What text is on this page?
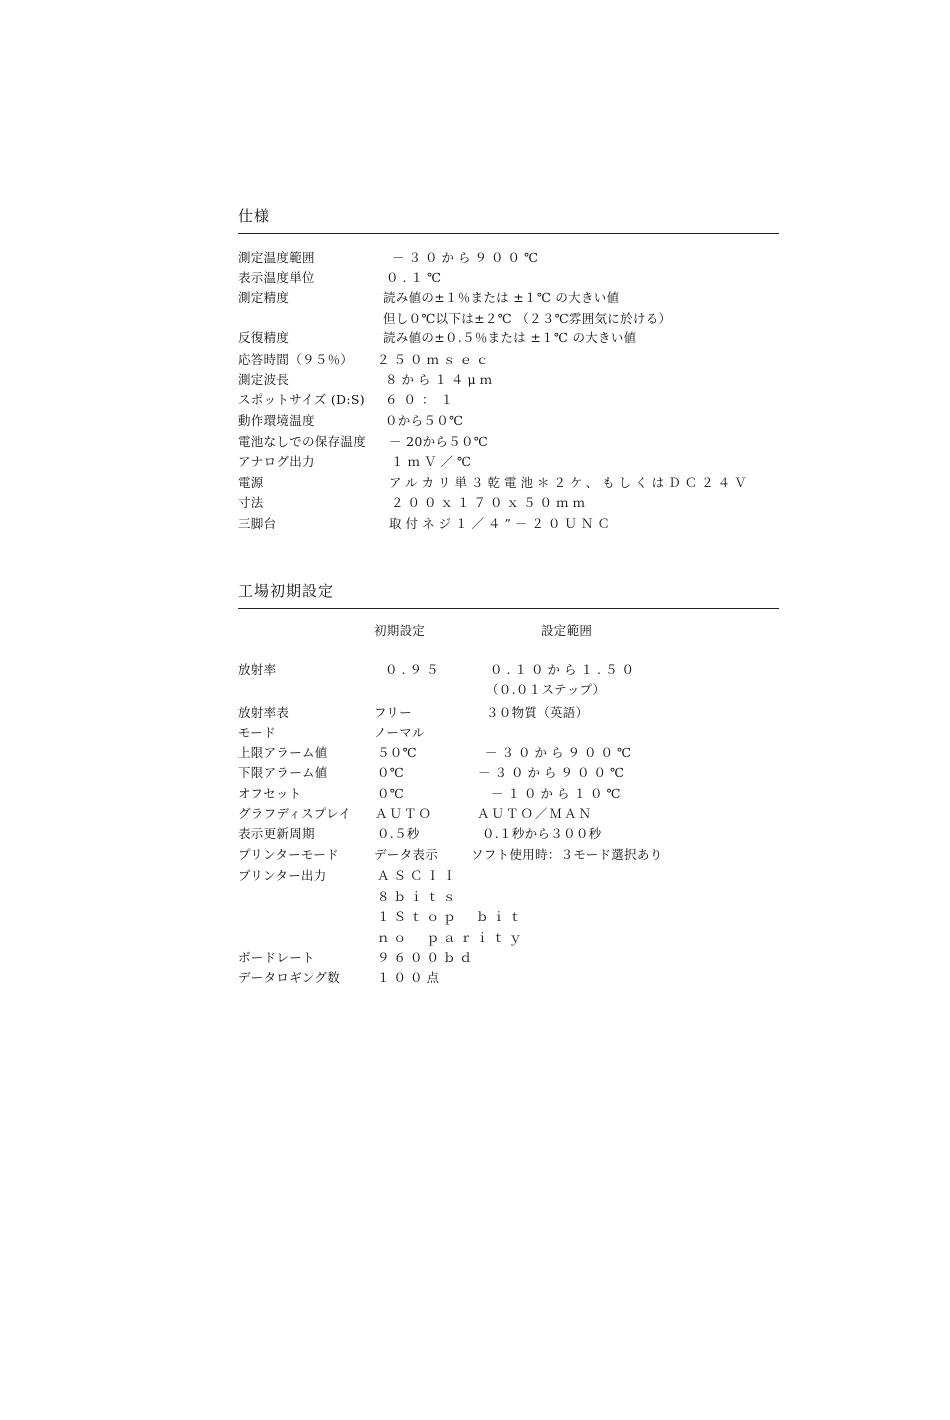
仕様
測定温度範囲	－３０から９００℃
表示温度単位	０.１℃
測定精度	読み値の±１％または ±１℃ の大きい値
但し０℃以下は±２℃ （２３℃雰囲気に於ける）
反復精度	読み値の±０.５％または ±１℃ の大きい値
応答時間（９５％） ２５０ｍｓｅｃ
測定波長	８から１４μｍ
スポットサイズ (D:S) ６０：１
動作環境温度	０から５０℃
電池なしでの保存温度 － 20から５０℃
アナログ出力	１ｍＶ／℃
電源	アルカリ単３乾電池＊２ケ、もしくはＤＣ２４Ｖ
寸法	２００ｘ１７０ｘ５０ｍｍ
三脚台	取付ネジ１／４”－２０ＵＮＣ
工場初期設定
初期設定	設定範囲
放射率	０.９５	０.１０から１.５０
（０.０１ステップ）
放射率表	フリー	３０物質（英語）
モード	ノーマル
上限アラーム値	５０℃	－３０から９００℃
下限アラーム値	０℃	－３０から９００℃
オフセット	０℃	－１０から１０℃
グラフディスプレイ ＡＵＴＯ	ＡＵＴＯ／ＭＡＮ
表示更新周期	０.５秒	０.１秒から３００秒
プリンターモード	データ表示	ソフト使用時：３モード選択あり
プリンター出力	ＡＳＣＩＩ
８ｂｉｔｓ
１Ｓｔｏｐ　ｂｉｔ
ｎｏ　ｐａｒｉｔｙ
ボードレート	９６００ｂｄ
データロギング数	１００点
